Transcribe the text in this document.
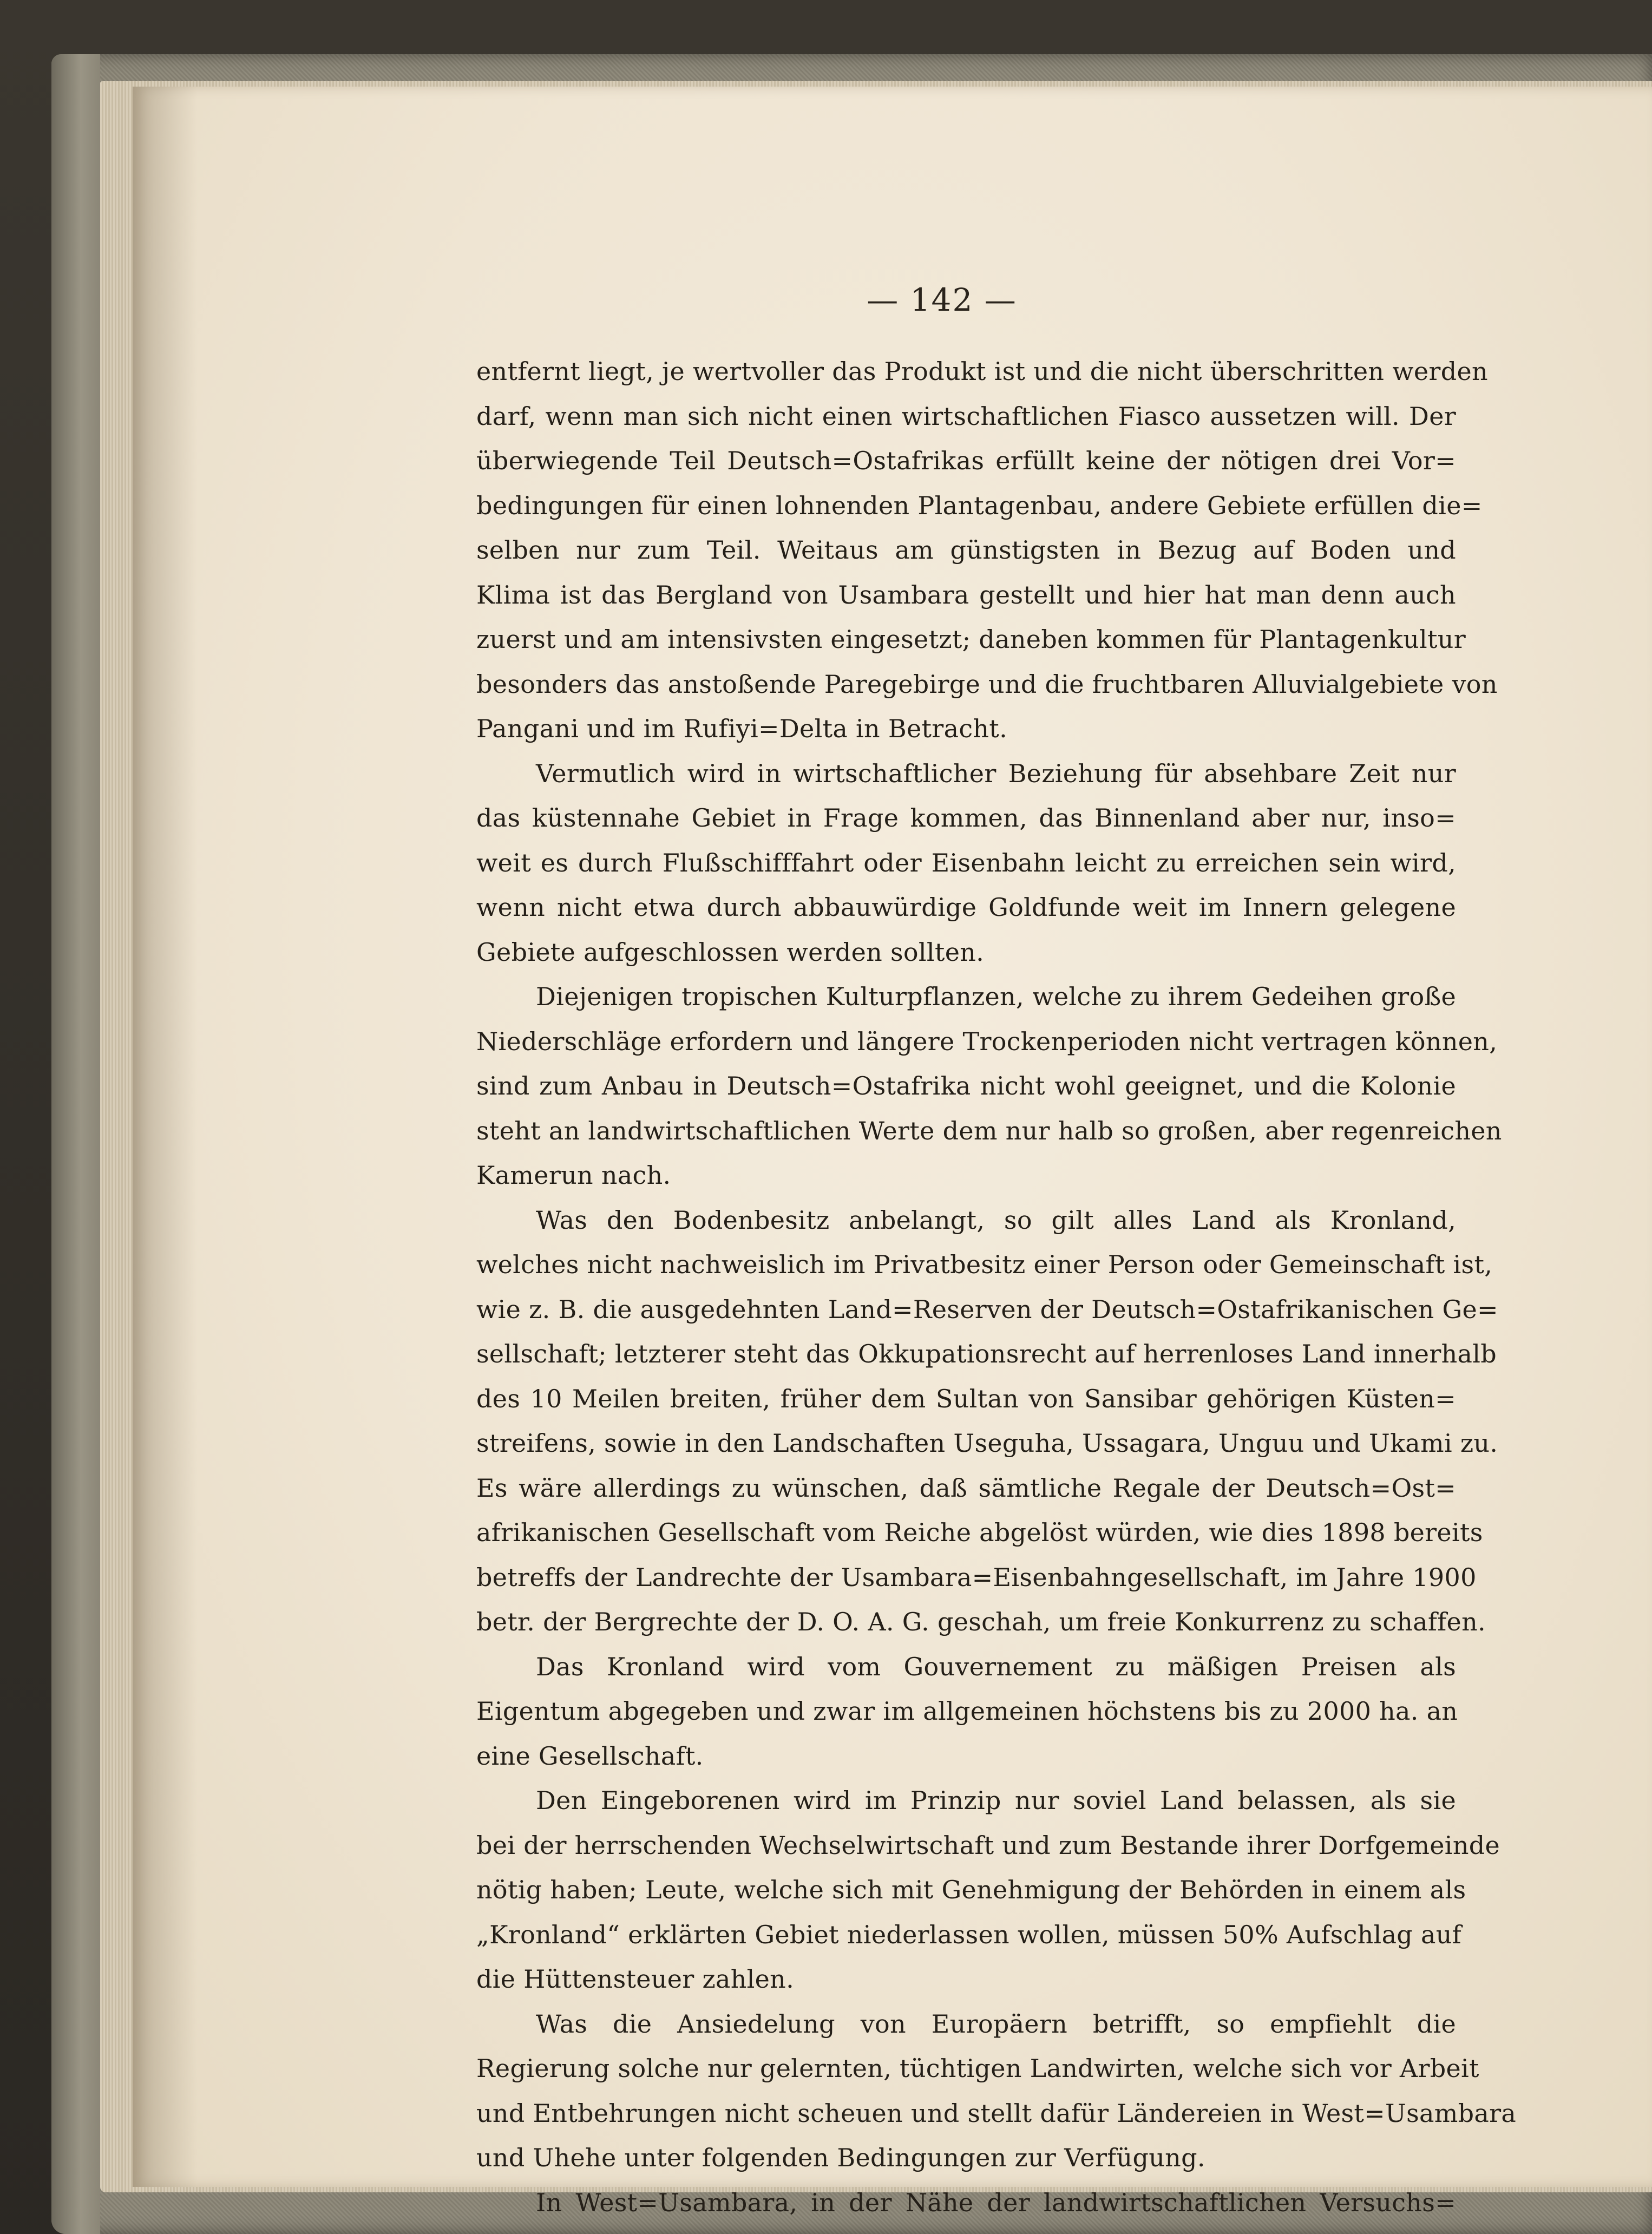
— 142 —
entfernt liegt, je wertvoller das Produkt ist und die nicht überschritten werden
darf, wenn man sich nicht einen wirtschaftlichen Fiasco aussetzen will. Der
überwiegende Teil Deutsch=Ostafrikas erfüllt keine der nötigen drei Vor=
bedingungen für einen lohnenden Plantagenbau, andere Gebiete erfüllen die=
selben nur zum Teil. Weitaus am günstigsten in Bezug auf Boden und
Klima ist das Bergland von Usambara gestellt und hier hat man denn auch
zuerst und am intensivsten eingesetzt; daneben kommen für Plantagenkultur
besonders das anstoßende Paregebirge und die fruchtbaren Alluvialgebiete von
Pangani und im Rufiyi=Delta in Betracht.
Vermutlich wird in wirtschaftlicher Beziehung für absehbare Zeit nur
das küstennahe Gebiet in Frage kommen, das Binnenland aber nur, inso=
weit es durch Flußschifffahrt oder Eisenbahn leicht zu erreichen sein wird,
wenn nicht etwa durch abbauwürdige Goldfunde weit im Innern gelegene
Gebiete aufgeschlossen werden sollten.
Diejenigen tropischen Kulturpflanzen, welche zu ihrem Gedeihen große
Niederschläge erfordern und längere Trockenperioden nicht vertragen können,
sind zum Anbau in Deutsch=Ostafrika nicht wohl geeignet, und die Kolonie
steht an landwirtschaftlichen Werte dem nur halb so großen, aber regenreichen
Kamerun nach.
Was den Bodenbesitz anbelangt, so gilt alles Land als Kronland,
welches nicht nachweislich im Privatbesitz einer Person oder Gemeinschaft ist,
wie z. B. die ausgedehnten Land=Reserven der Deutsch=Ostafrikanischen Ge=
sellschaft; letzterer steht das Okkupationsrecht auf herrenloses Land innerhalb
des 10 Meilen breiten, früher dem Sultan von Sansibar gehörigen Küsten=
streifens, sowie in den Landschaften Useguha, Ussagara, Unguu und Ukami zu.
Es wäre allerdings zu wünschen, daß sämtliche Regale der Deutsch=Ost=
afrikanischen Gesellschaft vom Reiche abgelöst würden, wie dies 1898 bereits
betreffs der Landrechte der Usambara=Eisenbahngesellschaft, im Jahre 1900
betr. der Bergrechte der D. O. A. G. geschah, um freie Konkurrenz zu schaffen.
Das Kronland wird vom Gouvernement zu mäßigen Preisen als
Eigentum abgegeben und zwar im allgemeinen höchstens bis zu 2000 ha. an
eine Gesellschaft.
Den Eingeborenen wird im Prinzip nur soviel Land belassen, als sie
bei der herrschenden Wechselwirtschaft und zum Bestande ihrer Dorfgemeinde
nötig haben; Leute, welche sich mit Genehmigung der Behörden in einem als
„Kronland“ erklärten Gebiet niederlassen wollen, müssen 50% Aufschlag auf
die Hüttensteuer zahlen.
Was die Ansiedelung von Europäern betrifft, so empfiehlt die
Regierung solche nur gelernten, tüchtigen Landwirten, welche sich vor Arbeit
und Entbehrungen nicht scheuen und stellt dafür Ländereien in West=Usambara
und Uhehe unter folgenden Bedingungen zur Verfügung.
In West=Usambara, in der Nähe der landwirtschaftlichen Versuchs=
